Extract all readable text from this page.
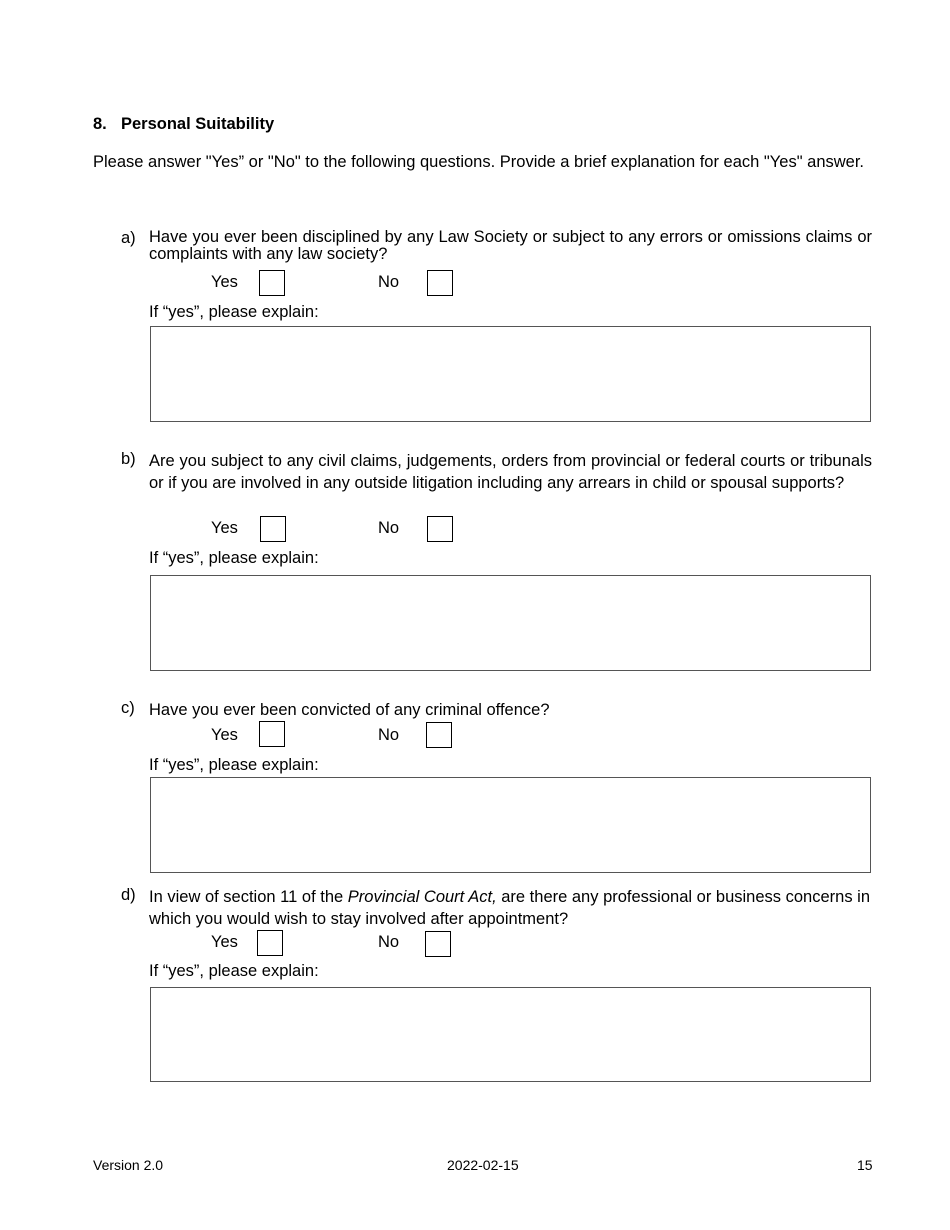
8. Personal Suitability

Please answer "Yes” or "No" to the following questions. Provide a brief explanation for each "Yes" answer.

a) Have you ever been disciplined by any Law Society or subject to any errors or omissions claims or complaints with any law society?

Yes	No
If “yes”, please explain:
b) Are you subject to any civil claims, judgements, orders from provincial or federal courts or tribunals or if you are involved in any outside litigation including any arrears in child or spousal supports?

Yes	No
If “yes”, please explain:
c) Have you ever been convicted of any criminal offence?

Yes	No
If “yes”, please explain:
d) In view of section 11 of the Provincial Court Act, are there any professional or business concerns in which you would wish to stay involved after appointment?

Yes	No
If “yes”, please explain:
Version 2.0	2022-02-15	15
